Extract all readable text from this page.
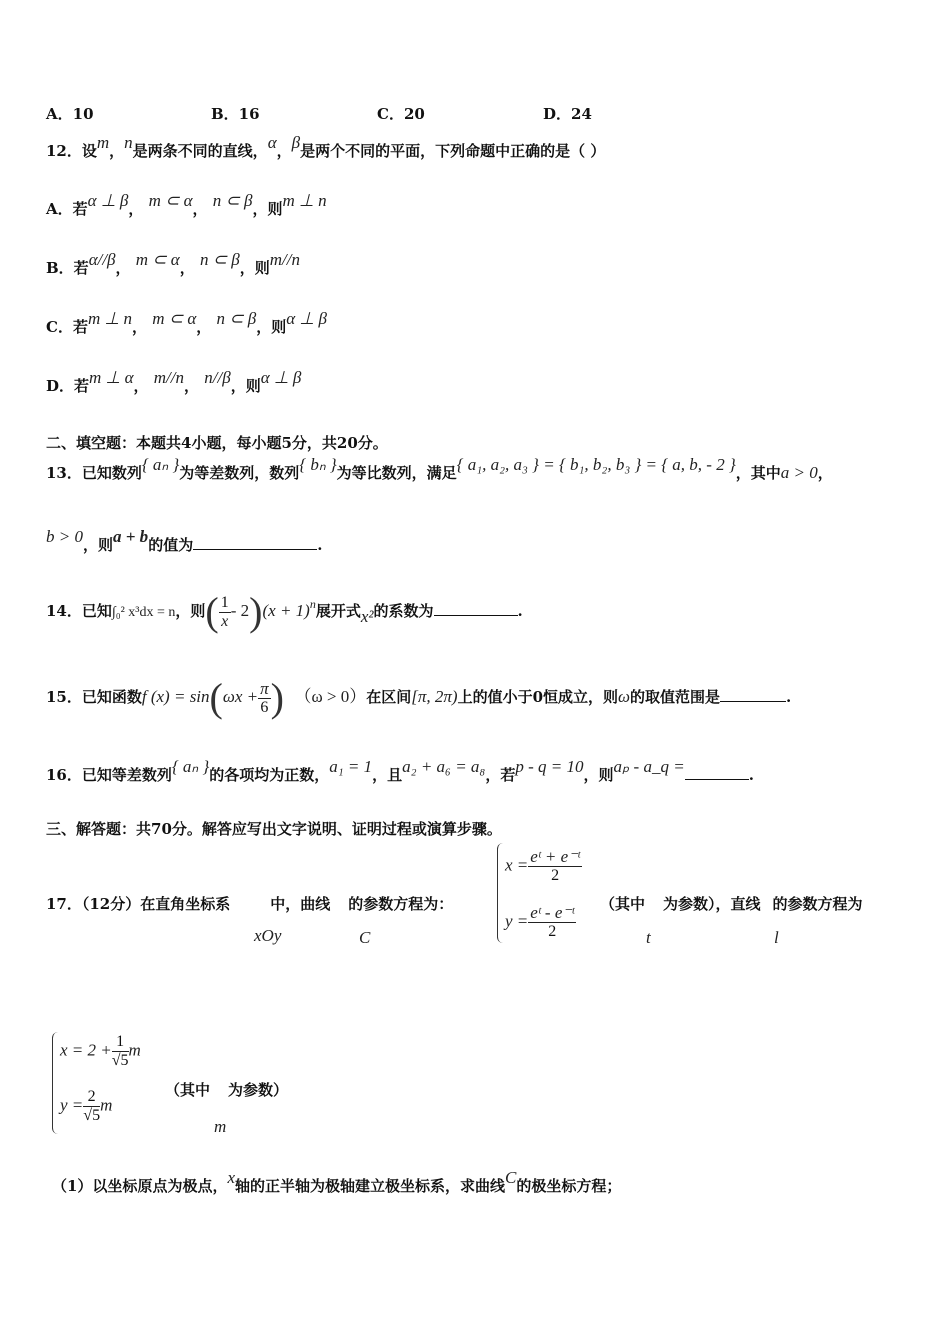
A．10	B．16	C．20	D．24
12．设m，n是两条不同的直线，α，β是两个不同的平面，下列命题中正确的是（ ）
A．若α ⊥ β， m ⊂ α， n ⊂ β，则m ⊥ n
B．若α//β， m ⊂ α， n ⊂ β，则m//n
C．若m ⊥ n， m ⊂ α， n ⊂ β，则α ⊥ β
D．若m ⊥ α， m//n， n//β，则α ⊥ β
二、填空题：本题共4小题，每小题5分，共20分。
13．已知数列{ aₙ }为等差数列，数列{ bₙ }为等比数列，满足{ a₁, a₂, a₃ } = { b₁, b₂, b₃ } = { a, b, - 2 }，其中a > 0，
b > 0，则a + b的值为	.
14．已知∫₀² x³dx = n，则( $\frac{1}{x} - 2)(x + 1)^n$展开式x²的系数为	.
15．已知函数f $(x) = \sin(\omega x + \frac{\pi}{6}$ ) （ω > 0）在区间[π, 2π)上的值小于0恒成立，则ω的取值范围是	.
16．已知等差数列{ aₙ }的各项均为正数，a₁ = 1，且a₂ + a₆ = a₈，若p - q = 10，则aₚ - a_q =	.
三、解答题：共70分。解答应写出文字说明、证明过程或演算步骤。
17．（12分）在直角坐标系	中，曲线 的参数方程为：
xOy	C
$x = \frac{\text{eᵗ + e⁻ᵗ}}{2}$
$y = \frac{\text{eᵗ - e⁻ᵗ}}{2}$ （其中 为参数），直线 的参数方程为
t	l
$x = 2 + \frac{1}{√5}$ m
$y = \frac{2}{√5}$ m
（其中 为参数）
m
（1）以坐标原点为极点，x轴的正半轴为极轴建立极坐标系，求曲线C的极坐标方程；
